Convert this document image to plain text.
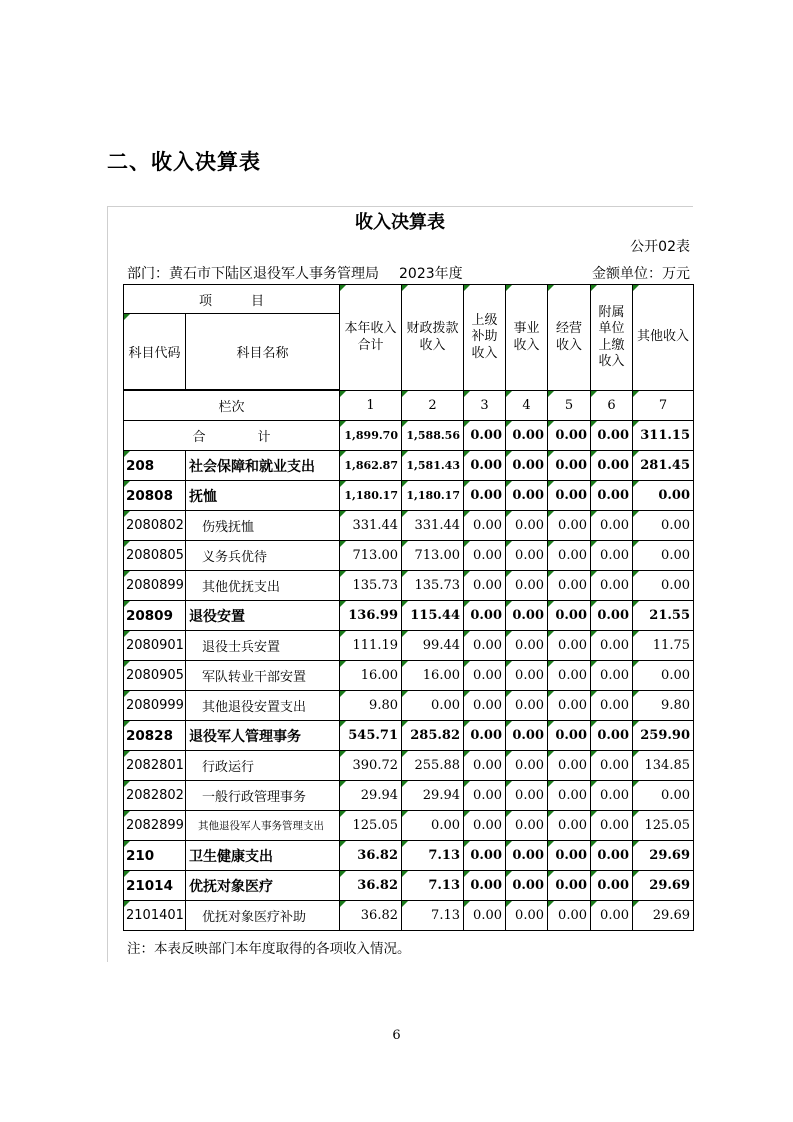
二、收入决算表
收入决算表
公开02表
部门：黄石市下陆区退役军人事务管理局 2023年度	金额单位：万元
项　　　目		本年收入合计	财政拨款收入	上级补助收入	事业收入	经营收入	附属单位上缴收入	其他收入
科目代码	科目名称							

栏次		1	2	3	4	5	6	7
合　　　　计		1,899.70	1,588.56	0.00	0.00	0.00	0.00	311.15
208	社会保障和就业支出	1,862.87	1,581.43	0.00	0.00	0.00	0.00	281.45
20808	抚恤	1,180.17	1,180.17	0.00	0.00	0.00	0.00	0.00
2080802	伤残抚恤	331.44	331.44	0.00	0.00	0.00	0.00	0.00
2080805	义务兵优待	713.00	713.00	0.00	0.00	0.00	0.00	0.00
2080899	其他优抚支出	135.73	135.73	0.00	0.00	0.00	0.00	0.00
20809	退役安置	136.99	115.44	0.00	0.00	0.00	0.00	21.55
2080901	退役士兵安置	111.19	99.44	0.00	0.00	0.00	0.00	11.75
2080905	军队转业干部安置	16.00	16.00	0.00	0.00	0.00	0.00	0.00
2080999	其他退役安置支出	9.80	0.00	0.00	0.00	0.00	0.00	9.80
20828	退役军人管理事务	545.71	285.82	0.00	0.00	0.00	0.00	259.90
2082801	行政运行	390.72	255.88	0.00	0.00	0.00	0.00	134.85
2082802	一般行政管理事务	29.94	29.94	0.00	0.00	0.00	0.00	0.00
2082899	其他退役军人事务管理支出	125.05	0.00	0.00	0.00	0.00	0.00	125.05
210	卫生健康支出	36.82	7.13	0.00	0.00	0.00	0.00	29.69
21014	优抚对象医疗	36.82	7.13	0.00	0.00	0.00	0.00	29.69
2101401	优抚对象医疗补助	36.82	7.13	0.00	0.00	0.00	0.00	29.69
注：本表反映部门本年度取得的各项收入情况。
6
